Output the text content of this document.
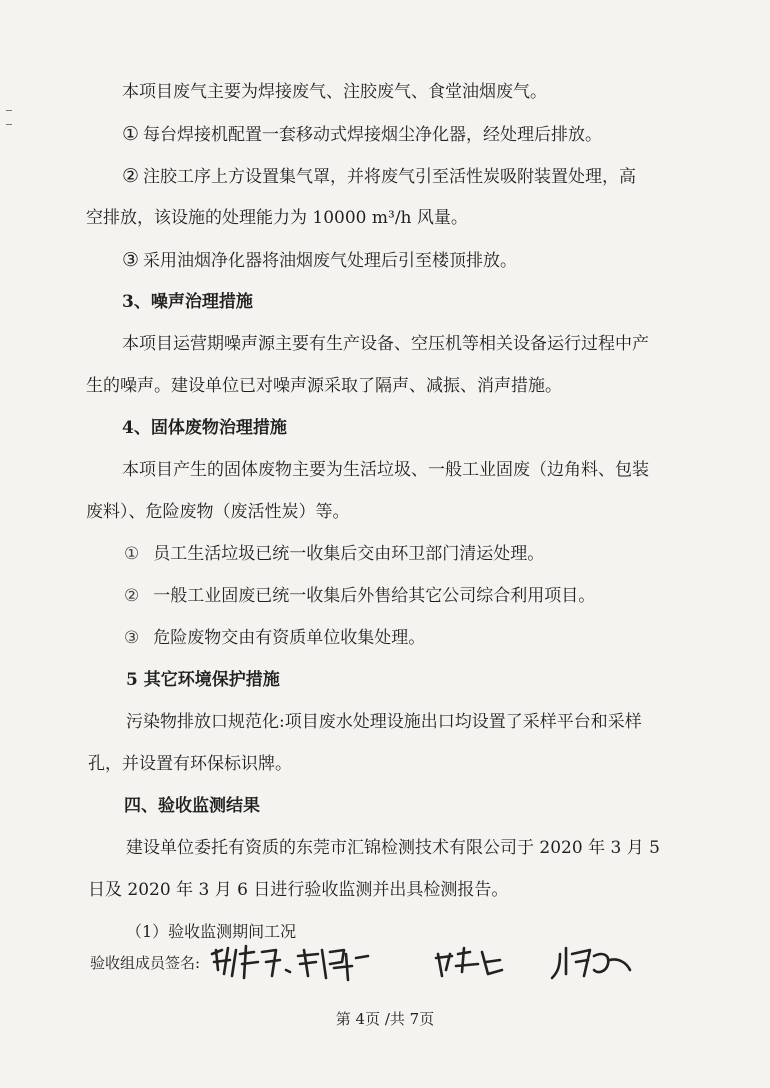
本项目废气主要为焊接废气、注胶废气、食堂油烟废气。
① 每台焊接机配置一套移动式焊接烟尘净化器，经处理后排放。
② 注胶工序上方设置集气罩，并将废气引至活性炭吸附装置处理，高
空排放，该设施的处理能力为 10000 m³/h 风量。
③ 采用油烟净化器将油烟废气处理后引至楼顶排放。
3、噪声治理措施
本项目运营期噪声源主要有生产设备、空压机等相关设备运行过程中产
生的噪声。建设单位已对噪声源采取了隔声、减振、消声措施。
4、固体废物治理措施
本项目产生的固体废物主要为生活垃圾、一般工业固废（边角料、包装
废料）、危险废物（废活性炭）等。
① 员工生活垃圾已统一收集后交由环卫部门清运处理。
② 一般工业固废已统一收集后外售给其它公司综合利用项目。
③ 危险废物交由有资质单位收集处理。
5 其它环境保护措施
污染物排放口规范化:项目废水处理设施出口均设置了采样平台和采样
孔，并设置有环保标识牌。
四、验收监测结果
建设单位委托有资质的东莞市汇锦检测技术有限公司于 2020 年 3 月 5
日及 2020 年 3 月 6 日进行验收监测并出具检测报告。
（1）验收监测期间工况
验收组成员签名:
第 4页 /共 7页
